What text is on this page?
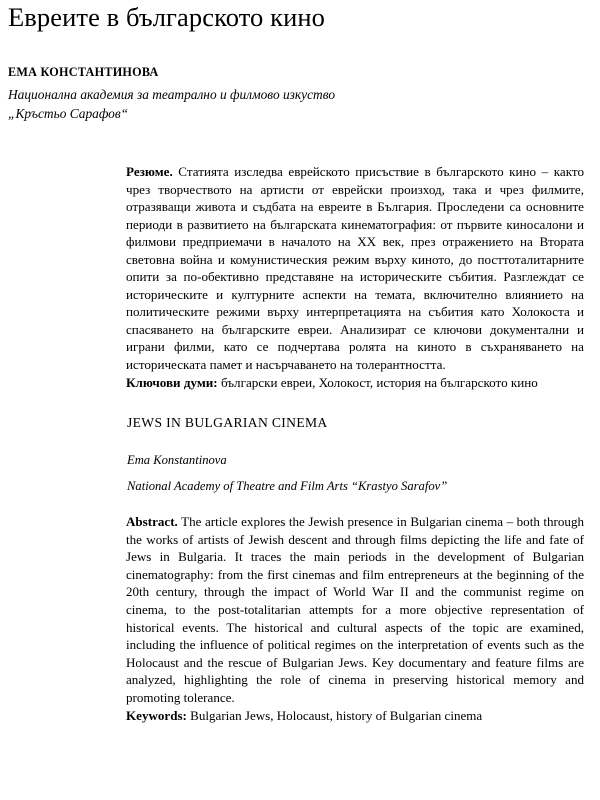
Евреите в българското кино

ЕМА КОНСТАНТИНОВА

Национална академия за театрално и филмово изкуство
„Кръстьо Сарафов“

Резюме. Статията изследва еврейското присъствие в българското кино – както чрез творчеството на артисти от еврейски произход, така и чрез филмите, отразяващи живота и съдбата на евреите в България. Проследени са основните периоди в развитието на българската кинематография: от първите киносалони и филмови предприемачи в началото на XX век, през отражението на Втората световна война и комунистическия режим върху киното, до посттоталитарните опити за по-обективно представяне на историческите събития. Разглеждат се историческите и културните аспекти на темата, включително влиянието на политическите режими върху интерпретацията на събития като Холокоста и спасяването на българските евреи. Анализират се ключови документални и играни филми, като се подчертава ролята на киното в съхраняването на историческата памет и насърчаването на толерантността.

Ключови думи: български евреи, Холокост, история на българското кино

JEWS IN BULGARIAN CINEMA

Ema Konstantinova

National Academy of Theatre and Film Arts “Krastyo Sarafov”

Abstract. The article explores the Jewish presence in Bulgarian cinema – both through the works of artists of Jewish descent and through films depicting the life and fate of Jews in Bulgaria. It traces the main periods in the development of Bulgarian cinematography: from the first cinemas and film entrepreneurs at the beginning of the 20th century, through the impact of World War II and the communist regime on cinema, to the post-totalitarian attempts for a more objective representation of historical events. The historical and cultural aspects of the topic are examined, including the influence of political regimes on the interpretation of events such as the Holocaust and the rescue of Bulgarian Jews. Key documentary and feature films are analyzed, highlighting the role of cinema in preserving historical memory and promoting tolerance.

Keywords: Bulgarian Jews, Holocaust, history of Bulgarian cinema
